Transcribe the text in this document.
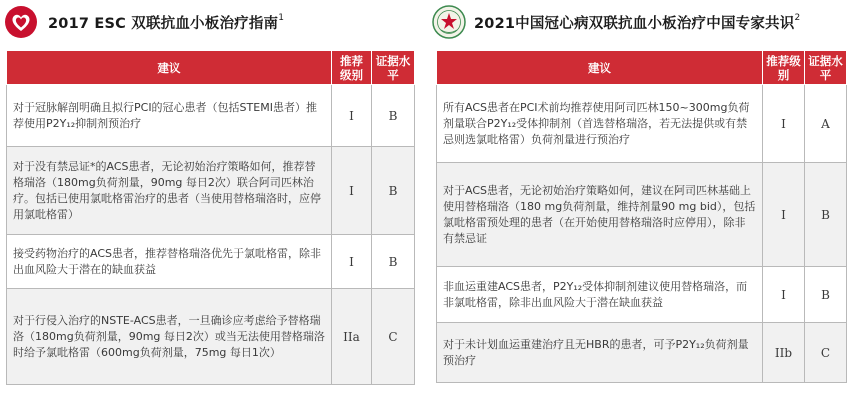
2017 ESC 双联抗血小板治疗指南$^1$
建议	推荐级别	证据水平
对于冠脉解剖明确且拟行PCI的冠心患者（包括STEMI患者）推荐使用P2Y₁₂抑制剂预治疗	I	B
对于没有禁忌证*的ACS患者，无论初始治疗策略如何，推荐替格瑞洛（180mg负荷剂量，90mg 每日2次）联合阿司匹林治疗。包括已使用氯吡格雷治疗的患者（当使用替格瑞洛时，应停用氯吡格雷）	I	B
接受药物治疗的ACS患者，推荐替格瑞洛优先于氯吡格雷，除非出血风险大于潜在的缺血获益	I	B
对于行侵入治疗的NSTE-ACS患者，一旦确诊应考虑给予替格瑞洛（180mg负荷剂量，90mg 每日2次）或当无法使用替格瑞洛时给予氯吡格雷（600mg负荷剂量，75mg 每日1次）	IIa	C
2021中国冠心病双联抗血小板治疗中国专家共识$^2$
建议	推荐级别	证据水平
所有ACS患者在PCI术前均推荐使用阿司匹林150~300mg负荷剂量联合P2Y₁₂受体抑制剂（首选替格瑞洛，若无法提供或有禁忌则选氯吡格雷）负荷剂量进行预治疗	I	A
对于ACS患者，无论初始治疗策略如何，建议在阿司匹林基础上使用替格瑞洛（180 mg负荷剂量，维持剂量90 mg bid），包括氯吡格雷预处理的患者（在开始使用替格瑞洛时应停用），除非有禁忌证	I	B
非血运重建ACS患者，P2Y₁₂受体抑制剂建议使用替格瑞洛，而非氯吡格雷，除非出血风险大于潜在缺血获益	I	B
对于未计划血运重建治疗且无HBR的患者，可予P2Y₁₂负荷剂量预治疗	IIb	C
